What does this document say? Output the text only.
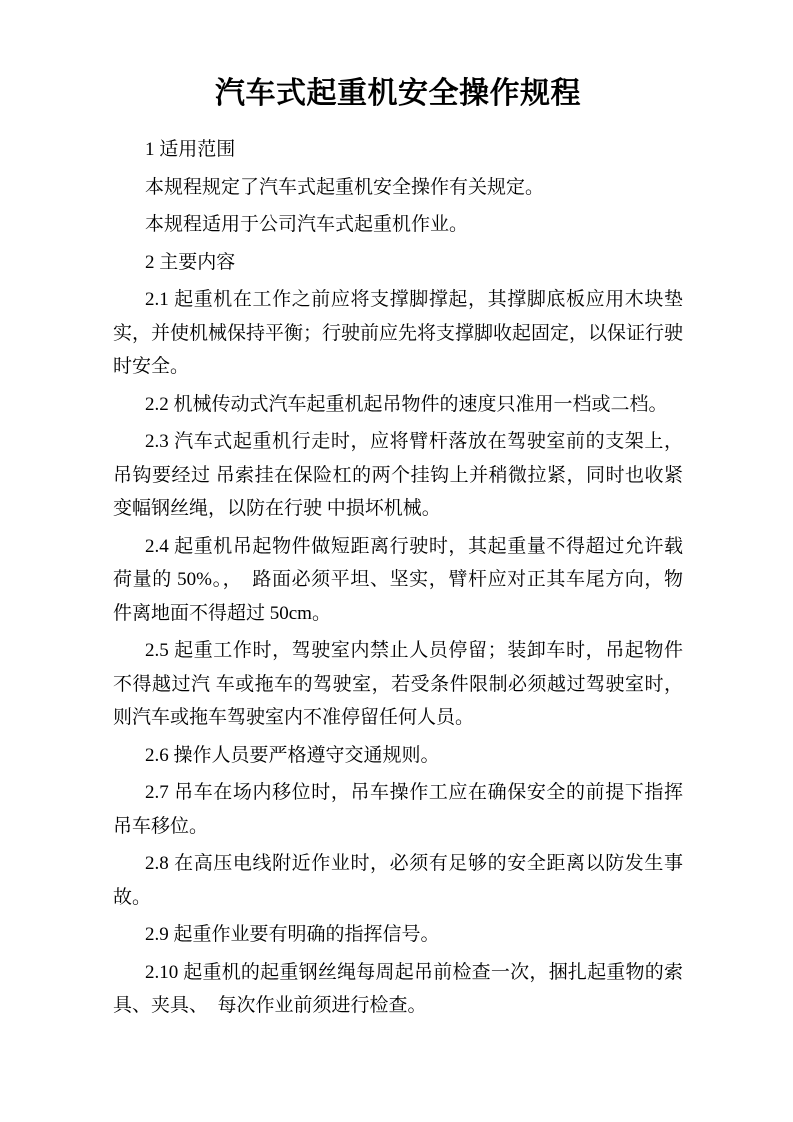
汽车式起重机安全操作规程
1 适用范围
本规程规定了汽车式起重机安全操作有关规定。
本规程适用于公司汽车式起重机作业。
2 主要内容
2.1 起重机在工作之前应将支撑脚撑起，其撑脚底板应用木块垫
实，并使机械保持平衡；行驶前应先将支撑脚收起固定，以保证行驶
时安全。
2.2 机械传动式汽车起重机起吊物件的速度只准用一档或二档。
2.3 汽车式起重机行走时，应将臂杆落放在驾驶室前的支架上，
吊钩要经过 吊索挂在保险杠的两个挂钩上并稍微拉紧，同时也收紧
变幅钢丝绳，以防在行驶 中损坏机械。
2.4 起重机吊起物件做短距离行驶时，其起重量不得超过允许载
荷量的 50%。，　路面必须平坦、坚实，臂杆应对正其车尾方向，物
件离地面不得超过 50cm。
2.5 起重工作时，驾驶室内禁止人员停留；装卸车时，吊起物件
不得越过汽 车或拖车的驾驶室，若受条件限制必须越过驾驶室时，
则汽车或拖车驾驶室内不准停留任何人员。
2.6 操作人员要严格遵守交通规则。
2.7 吊车在场内移位时，吊车操作工应在确保安全的前提下指挥
吊车移位。
2.8 在高压电线附近作业时，必须有足够的安全距离以防发生事
故。
2.9 起重作业要有明确的指挥信号。
2.10 起重机的起重钢丝绳每周起吊前检查一次，捆扎起重物的索
具、夹具、　每次作业前须进行检查。
